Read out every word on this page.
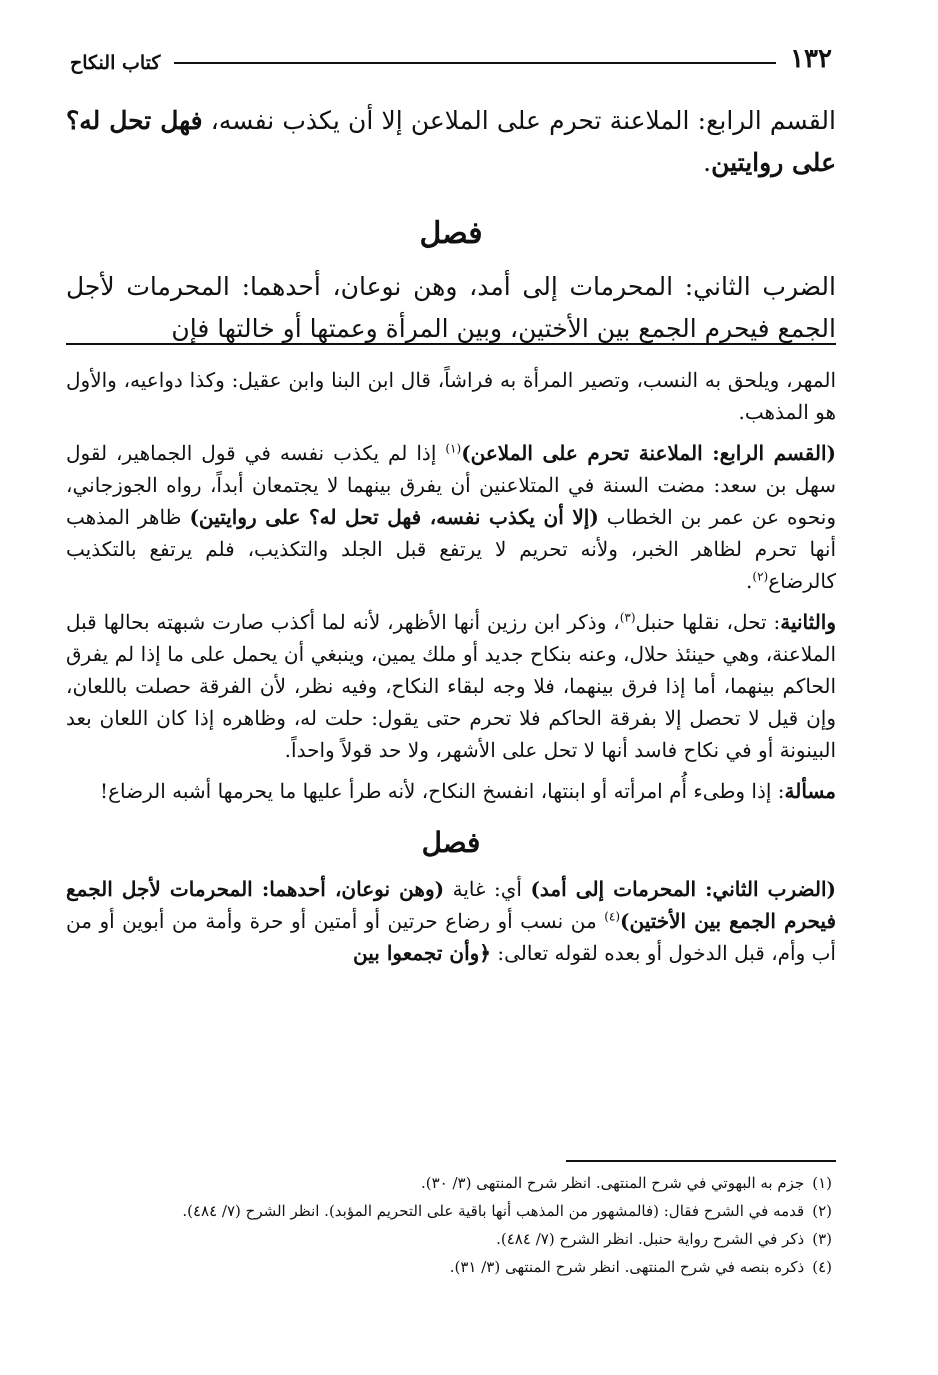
كتاب النكاح	١٣٢

القسم الرابع: الملاعنة تحرم على الملاعن إلا أن يكذب نفسه، فهل تحل له؟ على روايتين.

فصل

الضرب الثاني: المحرمات إلى أمد، وهن نوعان، أحدهما: المحرمات لأجل الجمع فيحرم الجمع بين الأختين، وبين المرأة وعمتها أو خالتها فإن

المهر، ويلحق به النسب، وتصير المرأة به فراشاً، قال ابن البنا وابن عقيل: وكذا دواعيه، والأول هو المذهب.

(القسم الرابع: الملاعنة تحرم على الملاعن)$^{(١)}$ إذا لم يكذب نفسه في قول الجماهير، لقول سهل بن سعد: مضت السنة في المتلاعنين أن يفرق بينهما لا يجتمعان أبداً، رواه الجوزجاني، ونحوه عن عمر بن الخطاب (إلا أن يكذب نفسه، فهل تحل له؟ على روايتين) ظاهر المذهب أنها تحرم لظاهر الخبر، ولأنه تحريم لا يرتفع قبل الجلد والتكذيب، فلم يرتفع بالتكذيب كالرضاع$^{(٢)}$.

والثانية: تحل، نقلها حنبل$^{(٣)}$، وذكر ابن رزين أنها الأظهر، لأنه لما أكذب صارت شبهته بحالها قبل الملاعنة، وهي حينئذ حلال، وعنه بنكاح جديد أو ملك يمين، وينبغي أن يحمل على ما إذا لم يفرق الحاكم بينهما، أما إذا فرق بينهما، فلا وجه لبقاء النكاح، وفيه نظر، لأن الفرقة حصلت باللعان، وإن قيل لا تحصل إلا بفرقة الحاكم فلا تحرم حتى يقول: حلت له، وظاهره إذا كان اللعان بعد البينونة أو في نكاح فاسد أنها لا تحل على الأشهر، ولا حد قولاً واحداً.

مسألة: إذا وطىء أُم امرأته أو ابنتها، انفسخ النكاح، لأنه طرأ عليها ما يحرمها أشبه الرضاع!

فصل

(الضرب الثاني: المحرمات إلى أمد) أي: غاية (وهن نوعان، أحدهما: المحرمات لأجل الجمع فيحرم الجمع بين الأختين)$^{(٤)}$ من نسب أو رضاع حرتين أو أمتين أو حرة وأمة من أبوين أو من أب وأم، قبل الدخول أو بعده لقوله تعالى: ﴿وأن تجمعوا بين

(١)جزم به البهوتي في شرح المنتهى. انظر شرح المنتهى (٣/ ٣٠).
(٢)قدمه في الشرح فقال: (فالمشهور من المذهب أنها باقية على التحريم المؤبد). انظر الشرح (٧/ ٤٨٤).
(٣)ذكر في الشرح رواية حنبل. انظر الشرح (٧/ ٤٨٤).
(٤)ذكره بنصه في شرح المنتهى. انظر شرح المنتهى (٣/ ٣١).
